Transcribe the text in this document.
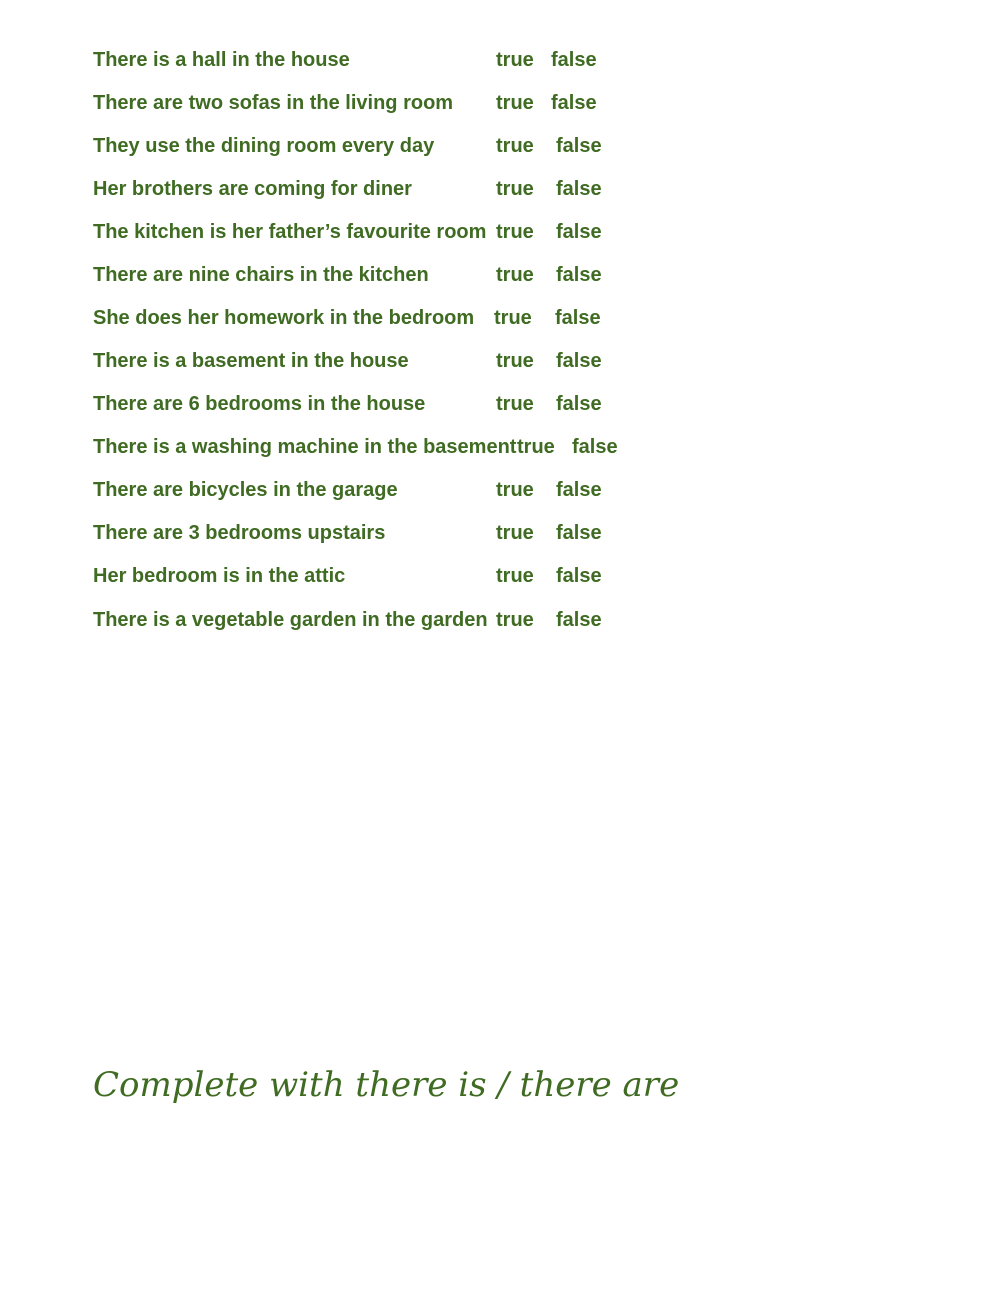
There is a hall in the house	true false
There are two sofas in the living room true false
They use the dining room every day	true false
Her brothers are coming for diner	true false
The kitchen is her father’s favourite room true false
There are nine chairs in the kitchen	true false
She does her homework in the bedroom true false
There is a basement in the house	true false
There are 6 bedrooms in the house	true false
There is a washing machine in the basement true false
There are bicycles in the garage	true false
There are 3 bedrooms upstairs	true false
Her bedroom is in the attic	true false
There is a vegetable garden in the garden true false
Complete with there is / there are
